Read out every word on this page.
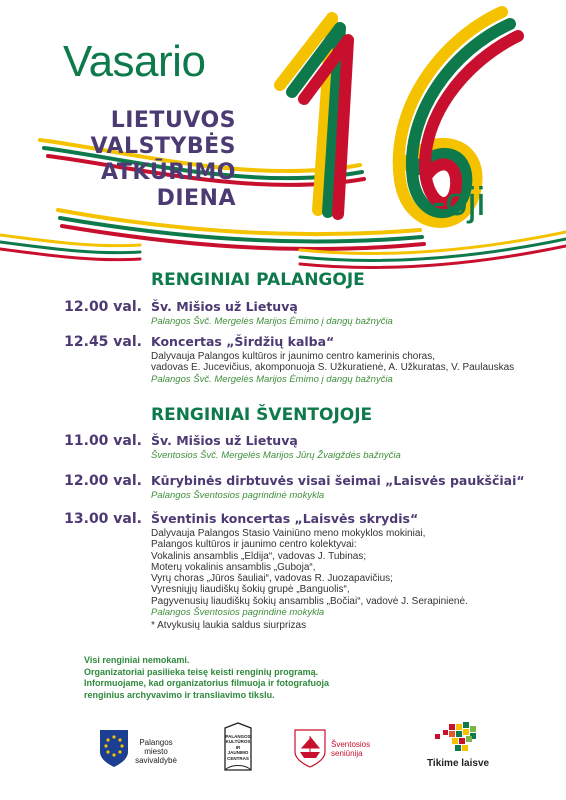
Vasario
LIETUVOS
VALSTYBĖS
ATKŪRIMO
DIENA	-oji
RENGINIAI PALANGOJE
12.00 val. Šv. Mišios už Lietuvą
Palangos Švč. Mergelės Marijos Ėmimo į dangų bažnyčia
12.45 val. Koncertas „Širdžių kalba“
Dalyvauja Palangos kultūros ir jaunimo centro kamerinis choras,
vadovas E. Jucevičius, akomponuoja S. Užkuratienė, A. Užkuratas, V. Paulauskas
Palangos Švč. Mergelės Marijos Ėmimo į dangų bažnyčia
RENGINIAI ŠVENTOJOJE
11.00 val. Šv. Mišios už Lietuvą
Šventosios Švč. Mergelės Marijos Jūrų Žvaigždės bažnyčia
12.00 val. Kūrybinės dirbtuvės visai šeimai „Laisvės paukščiai“
Palangos Šventosios pagrindinė mokykla
13.00 val. Šventinis koncertas „Laisvės skrydis“
Dalyvauja Palangos Stasio Vainiūno meno mokyklos mokiniai,
Palangos kultūros ir jaunimo centro kolektyvai:
Vokalinis ansamblis „Eldija“, vadovas J. Tubinas;
Moterų vokalinis ansamblis „Guboja“,
Vyrų choras „Jūros šauliai“, vadovas R. Juozapavičius;
Vyresniųjų liaudiškų šokių grupė „Banguolis“,
Pagyvenusių liaudiškų šokių ansamblis „Bočiai“, vadovė J. Serapinienė.
Palangos Šventosios pagrindinė mokykla
* Atvykusių laukia saldus siurprizas
Visi renginiai nemokami.
Organizatoriai pasilieka teisę keisti renginių programą.
Informuojame, kad organizatorius filmuoja ir fotografuoja
renginius archyvavimo ir transliavimo tikslu.
Palangos
miesto
savivaldybė
PALANGOS
KULTŪROS
IR JAUNIMO
CENTRAS
Šventosios
seniūnija
Tikime laisve
